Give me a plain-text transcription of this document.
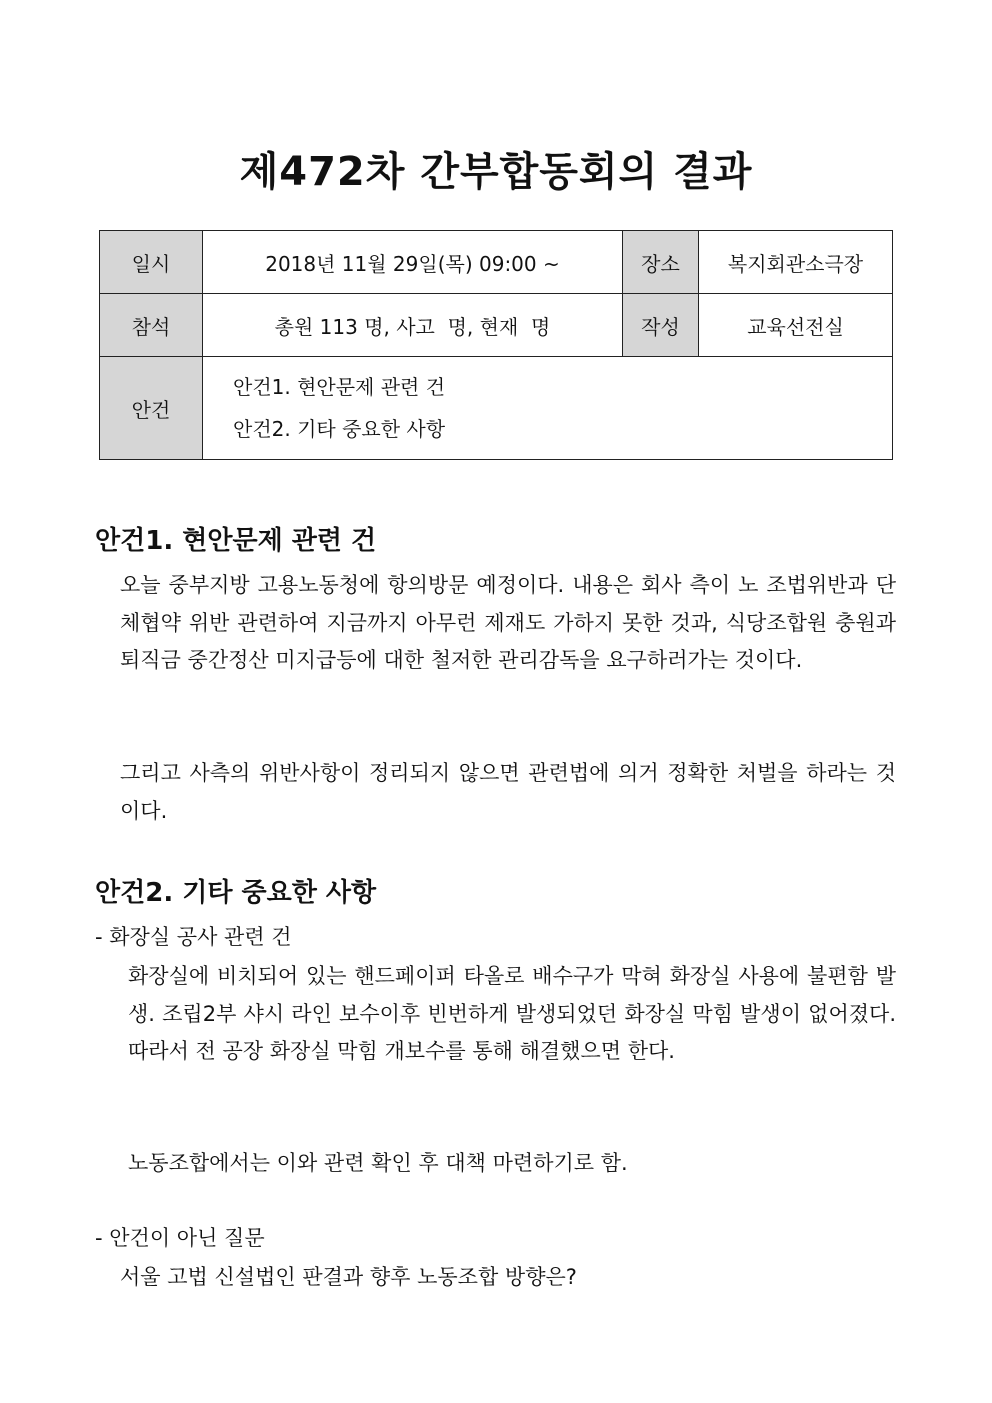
제472차 간부합동회의 결과
일시	2018년 11월 29일(목) 09:00 ~	장소	복지회관소극장
참석	총원 113 명, 사고  명, 현재  명	작성	교육선전실
안건	안건1. 현안문제 관련 건
안건2. 기타 중요한 사항		
안건1. 현안문제 관련 건
오늘 중부지방 고용노동청에 항의방문 예정이다. 내용은 회사 측이 노 조법위반과 단체협약 위반 관련하여 지금까지 아무런 제재도 가하지 못한 것과, 식당조합원 충원과 퇴직금 중간정산 미지급등에 대한 철저한 관리감독을 요구하러가는 것이다.
그리고 사측의 위반사항이 정리되지 않으면 관련법에 의거 정확한 처벌을 하라는 것이다.
안건2. 기타 중요한 사항
- 화장실 공사 관련 건
화장실에 비치되어 있는 핸드페이퍼 타올로 배수구가 막혀 화장실 사용에 불편함 발생. 조립2부 샤시 라인 보수이후 빈번하게 발생되었던 화장실 막힘 발생이 없어졌다. 따라서 전 공장 화장실 막힘 개보수를 통해 해결했으면 한다.
노동조합에서는 이와 관련 확인 후 대책 마련하기로 함.
- 안건이 아닌 질문
서울 고법 신설법인 판결과 향후 노동조합 방향은?
